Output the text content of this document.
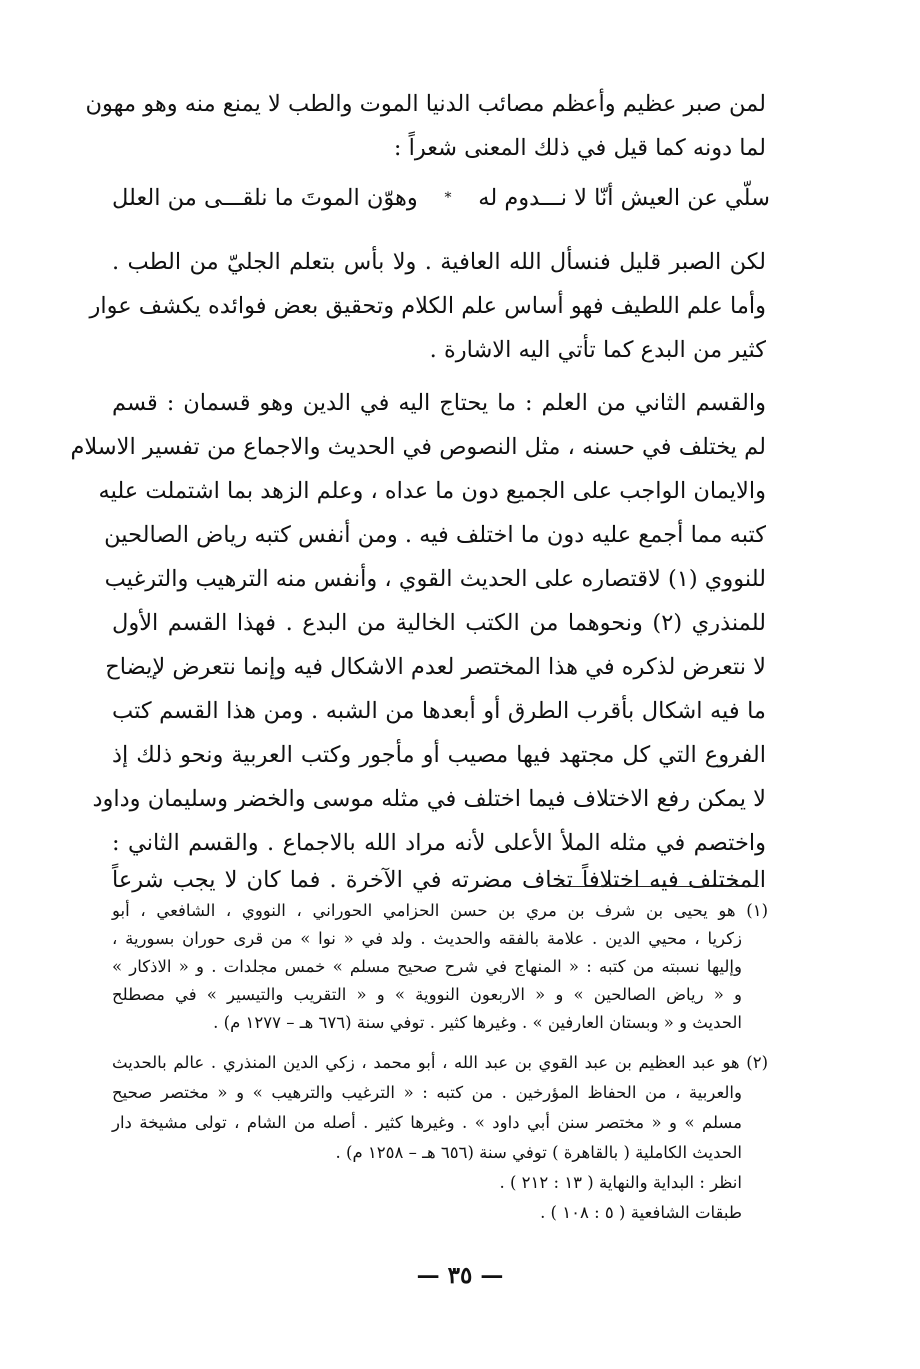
لمن صبر عظيم وأعظم مصائب الدنيا الموت والطب لا يمنع منه وهو مهون

لما دونه كما قيل في ذلك المعنى شعراً :

سلّي عن العيش أنّا لا نـــدوم له
*
وهوّن الموتَ ما نلقـــى من العلل

لكن الصبر قليل فنسأل الله العافية . ولا بأس بتعلم الجليّ من الطب .

وأما علم اللطيف فهو أساس علم الكلام وتحقيق بعض فوائده يكشف عوار

كثير من البدع كما تأتي اليه الاشارة .

والقسم الثاني من العلم : ما يحتاج اليه في الدين وهو قسمان : قسم

لم يختلف في حسنه ، مثل النصوص في الحديث والاجماع من تفسير الاسلام

والايمان الواجب على الجميع دون ما عداه ، وعلم الزهد بما اشتملت عليه

كتبه مما أجمع عليه دون ما اختلف فيه . ومن أنفس كتبه رياض الصالحين

للنووي (١) لاقتصاره على الحديث القوي ، وأنفس منه الترهيب والترغيب

للمنذري (٢) ونحوهما من الكتب الخالية من البدع . فهذا القسم الأول

لا نتعرض لذكره في هذا المختصر لعدم الاشكال فيه وإنما نتعرض لإيضاح

ما فيه اشكال بأقرب الطرق أو أبعدها من الشبه . ومن هذا القسم كتب

الفروع التي كل مجتهد فيها مصيب أو مأجور وكتب العربية ونحو ذلك إذ

لا يمكن رفع الاختلاف فيما اختلف في مثله موسى والخضر وسليمان وداود

واختصم في مثله الملأ الأعلى لأنه مراد الله بالاجماع . والقسم الثاني :

المختلف فيه اختلافاً تخاف مضرته في الآخرة . فما كان لا يجب شرعاً

(١) هو يحيى بن شرف بن مري بن حسن الحزامي الحوراني ، النووي ، الشافعي ، أبو

زكريا ، محيي الدين . علامة بالفقه والحديث . ولد في « نوا » من قرى حوران بسورية ،

وإليها نسبته من كتبه : « المنهاج في شرح صحيح مسلم » خمس مجلدات . و « الاذكار »

و « رياض الصالحين » و « الاربعون النووية » و « التقريب والتيسير » في مصطلح

الحديث و « وبستان العارفين » . وغيرها كثير . توفي سنة (٦٧٦ هـ – ١٢٧٧ م) .

(٢) هو عبد العظيم بن عبد القوي بن عبد الله ، أبو محمد ، زكي الدين المنذري . عالم بالحديث

والعربية ، من الحفاظ المؤرخين . من كتبه : « الترغيب والترهيب » و « مختصر صحيح

مسلم » و « مختصر سنن أبي داود » . وغيرها كثير . أصله من الشام ، تولى مشيخة دار

الحديث الكاملية ( بالقاهرة ) توفي سنة (٦٥٦ هـ – ١٢٥٨ م) .

انظر : البداية والنهاية ( ١٣ : ٢١٢ ) .

طبقات الشافعية ( ٥ : ١٠٨ ) .

— ٣٥ —
